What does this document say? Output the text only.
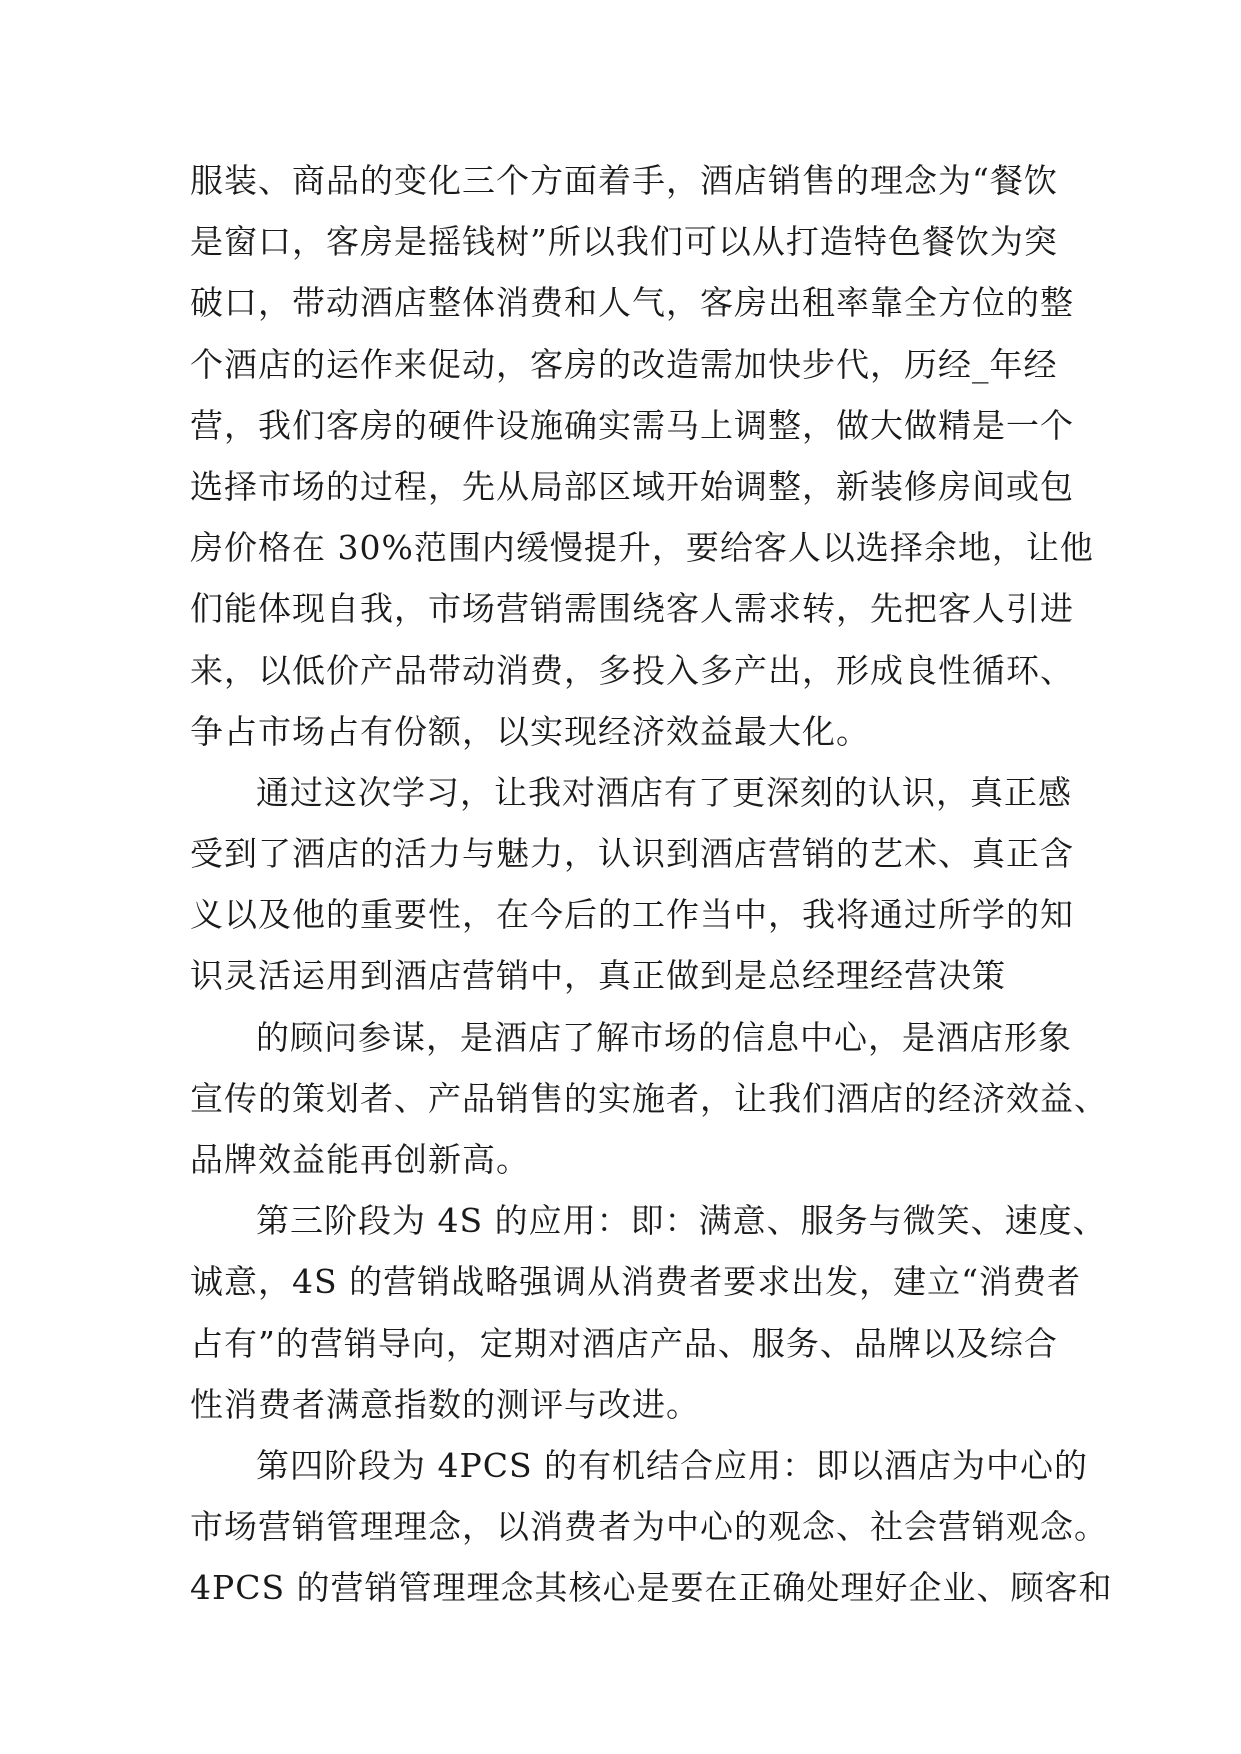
服装、商品的变化三个方面着手，酒店销售的理念为“餐饮
是窗口，客房是摇钱树”所以我们可以从打造特色餐饮为突
破口，带动酒店整体消费和人气，客房出租率靠全方位的整
个酒店的运作来促动，客房的改造需加快步代，历经_年经
营，我们客房的硬件设施确实需马上调整，做大做精是一个
选择市场的过程，先从局部区域开始调整，新装修房间或包
房价格在 30%范围内缓慢提升，要给客人以选择余地，让他
们能体现自我，市场营销需围绕客人需求转，先把客人引进
来，以低价产品带动消费，多投入多产出，形成良性循环、
争占市场占有份额，以实现经济效益最大化。
通过这次学习，让我对酒店有了更深刻的认识，真正感
受到了酒店的活力与魅力，认识到酒店营销的艺术、真正含
义以及他的重要性，在今后的工作当中，我将通过所学的知
识灵活运用到酒店营销中，真正做到是总经理经营决策
的顾问参谋，是酒店了解市场的信息中心，是酒店形象
宣传的策划者、产品销售的实施者，让我们酒店的经济效益、
品牌效益能再创新高。
第三阶段为 4S 的应用：即：满意、服务与微笑、速度、
诚意，4S 的营销战略强调从消费者要求出发，建立“消费者
占有”的营销导向，定期对酒店产品、服务、品牌以及综合
性消费者满意指数的测评与改进。
第四阶段为 4PCS 的有机结合应用：即以酒店为中心的
市场营销管理理念，以消费者为中心的观念、社会营销观念。
4PCS 的营销管理理念其核心是要在正确处理好企业、顾客和
